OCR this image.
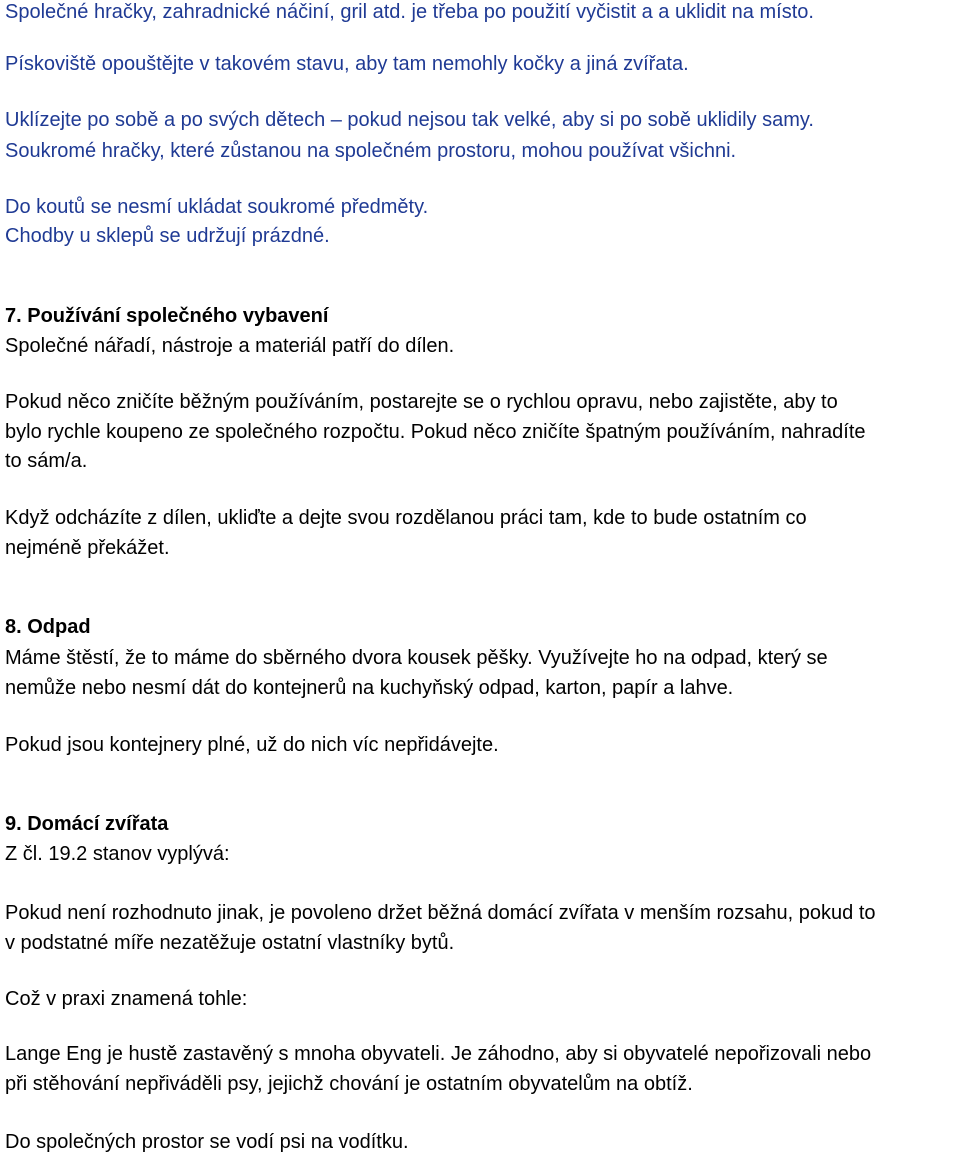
Společné hračky, zahradnické náčiní, gril atd. je třeba po použití vyčistit a a uklidit na místo.
Pískoviště opouštějte v takovém stavu, aby tam nemohly kočky a jiná zvířata.
Uklízejte po sobě a po svých dětech – pokud nejsou tak velké, aby si po sobě uklidily samy.
Soukromé hračky, které zůstanou na společném prostoru, mohou používat všichni.
Do koutů se nesmí ukládat soukromé předměty.
Chodby u sklepů se udržují prázdné.
7. Používání společného vybavení
Společné nářadí, nástroje a materiál patří do dílen.
Pokud něco zničíte běžným používáním, postarejte se o rychlou opravu, nebo zajistěte, aby to
bylo rychle koupeno ze společného rozpočtu. Pokud něco zničíte špatným používáním, nahradíte
to sám/a.
Když odcházíte z dílen, ukliďte a dejte svou rozdělanou práci tam, kde to bude ostatním co
nejméně překážet.
8. Odpad
Máme štěstí, že to máme do sběrného dvora kousek pěšky. Využívejte ho na odpad, který se
nemůže nebo nesmí dát do kontejnerů na kuchyňský odpad, karton, papír a lahve.
Pokud jsou kontejnery plné, už do nich víc nepřidávejte.
9. Domácí zvířata
Z čl. 19.2 stanov vyplývá:
Pokud není rozhodnuto jinak, je povoleno držet běžná domácí zvířata v menším rozsahu, pokud to
v podstatné míře nezatěžuje ostatní vlastníky bytů.
Což v praxi znamená tohle:
Lange Eng je hustě zastavěný s mnoha obyvateli. Je záhodno, aby si obyvatelé nepořizovali nebo
při stěhování nepřiváděli psy, jejichž chování je ostatním obyvatelům na obtíž.
Do společných prostor se vodí psi na vodítku.
